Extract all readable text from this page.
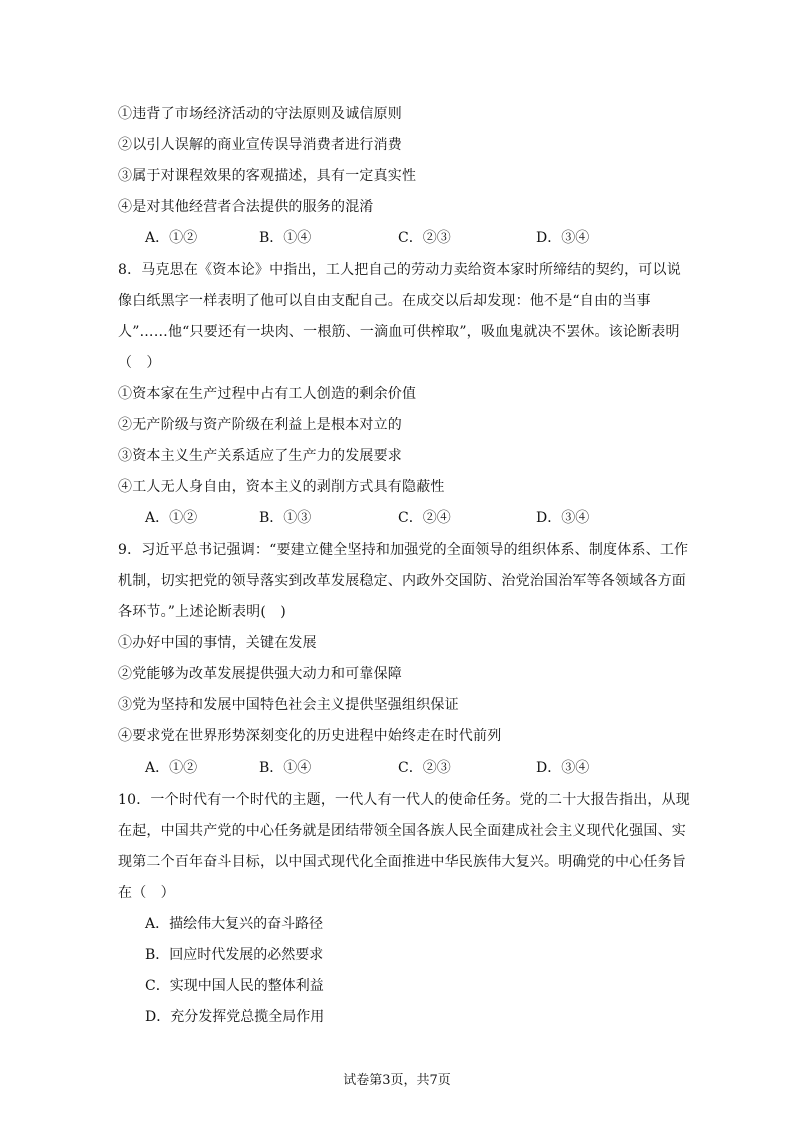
①违背了市场经济活动的守法原则及诚信原则
②以引人误解的商业宣传误导消费者进行消费
③属于对课程效果的客观描述，具有一定真实性
④是对其他经营者合法提供的服务的混淆
A．①②	B．①④	C．②③	D．③④
8．马克思在《资本论》中指出，工人把自己的劳动力卖给资本家时所缔结的契约，可以说
像白纸黑字一样表明了他可以自由支配自己。在成交以后却发现：他不是“自由的当事
人”……他“只要还有一块肉、一根筋、一滴血可供榨取”，吸血鬼就决不罢休。该论断表明
（　）
①资本家在生产过程中占有工人创造的剩余价值
②无产阶级与资产阶级在利益上是根本对立的
③资本主义生产关系适应了生产力的发展要求
④工人无人身自由，资本主义的剥削方式具有隐蔽性
A．①②	B．①③	C．②④	D．③④
9．习近平总书记强调：“要建立健全坚持和加强党的全面领导的组织体系、制度体系、工作
机制，切实把党的领导落实到改革发展稳定、内政外交国防、治党治国治军等各领域各方面
各环节。”上述论断表明(　)
①办好中国的事情，关键在发展
②党能够为改革发展提供强大动力和可靠保障
③党为坚持和发展中国特色社会主义提供坚强组织保证
④要求党在世界形势深刻变化的历史进程中始终走在时代前列
A．①②	B．①④	C．②③	D．③④
10．一个时代有一个时代的主题，一代人有一代人的使命任务。党的二十大报告指出，从现
在起，中国共产党的中心任务就是团结带领全国各族人民全面建成社会主义现代化强国、实
现第二个百年奋斗目标，以中国式现代化全面推进中华民族伟大复兴。明确党的中心任务旨
在（　）
A．描绘伟大复兴的奋斗路径
B．回应时代发展的必然要求
C．实现中国人民的整体利益
D．充分发挥党总揽全局作用
试卷第3页，共7页
